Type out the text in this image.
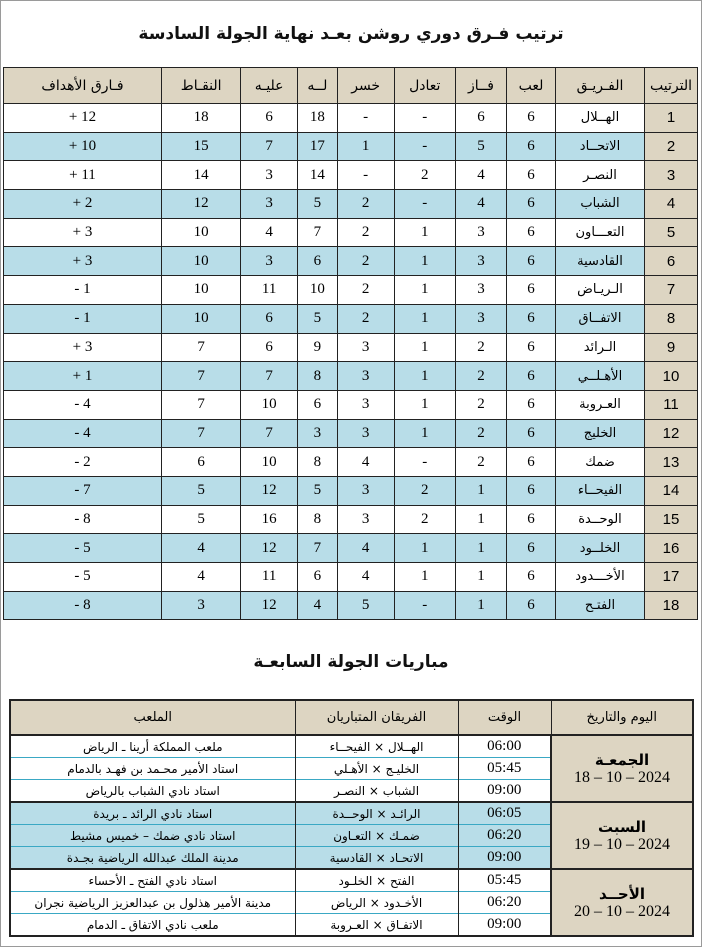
ترتيب فـرق دوري روشن بعـد نهاية الجولة السادسة
الترتيب	الفـريـق	لعب	فــاز	تعادل	خسر	لــه	عليـه	النقـاط	فـارق الأهداف
1	الهــلال	6	6	-	-	18	6	18	12 +
2	الاتحــاد	6	5	-	1	17	7	15	10 +
3	النصـر	6	4	2	-	14	3	14	11 +
4	الشباب	6	4	-	2	5	3	12	2 +
5	التعـــاون	6	3	1	2	7	4	10	3 +
6	القادسية	6	3	1	2	6	3	10	3 +
7	الـريـاض	6	3	1	2	10	11	10	1 -
8	الاتفــاق	6	3	1	2	5	6	10	1 -
9	الـرائد	6	2	1	3	9	6	7	3 +
10	الأهـلــي	6	2	1	3	8	7	7	1 +
11	العـروبة	6	2	1	3	6	10	7	4 -
12	الخليج	6	2	1	3	3	7	7	4 -
13	ضمك	6	2	-	4	8	10	6	2 -
14	الفيحــاء	6	1	2	3	5	12	5	7 -
15	الوحــدة	6	1	2	3	8	16	5	8 -
16	الخلــود	6	1	1	4	7	12	4	5 -
17	الأخـــدود	6	1	1	4	6	11	4	5 -
18	الفتـح	6	1	-	5	4	12	3	8 -
مباريات الجولة السابعـة
اليوم والتاريخ	الوقت	الفريقان المتباريان	الملعب

الجمعـة
18 – 10 – 2024	06:00	الهــلال × الفيحــاء	ملعب المملكة أرينا ـ الرياض
	05:45	الخليـج × الأهـلي	استاد الأمير محـمد بن فهـد بالدمام
	09:00	الشباب × النصـر	استاد نادي الشباب بالرياض

السبت
19 – 10 – 2024	06:05	الرائـد × الوحــدة	استاد نادي الرائد ـ بريدة
	06:20	ضمـك × التعـاون	استاد نادي ضمك – خميس مشيط
	09:00	الاتحـاد × القادسية	مدينة الملك عبدالله الرياضية بجـدة

الأحــد
20 – 10 – 2024	05:45	الفتح × الخلـود	استاد نادي الفتح ـ الأحساء
	06:20	الأخـدود × الرياض	مدينة الأمير هذلول بن عبدالعزيز الرياضية نجران
	09:00	الاتفـاق × العـروبة	ملعب نادي الاتفاق ـ الدمام
